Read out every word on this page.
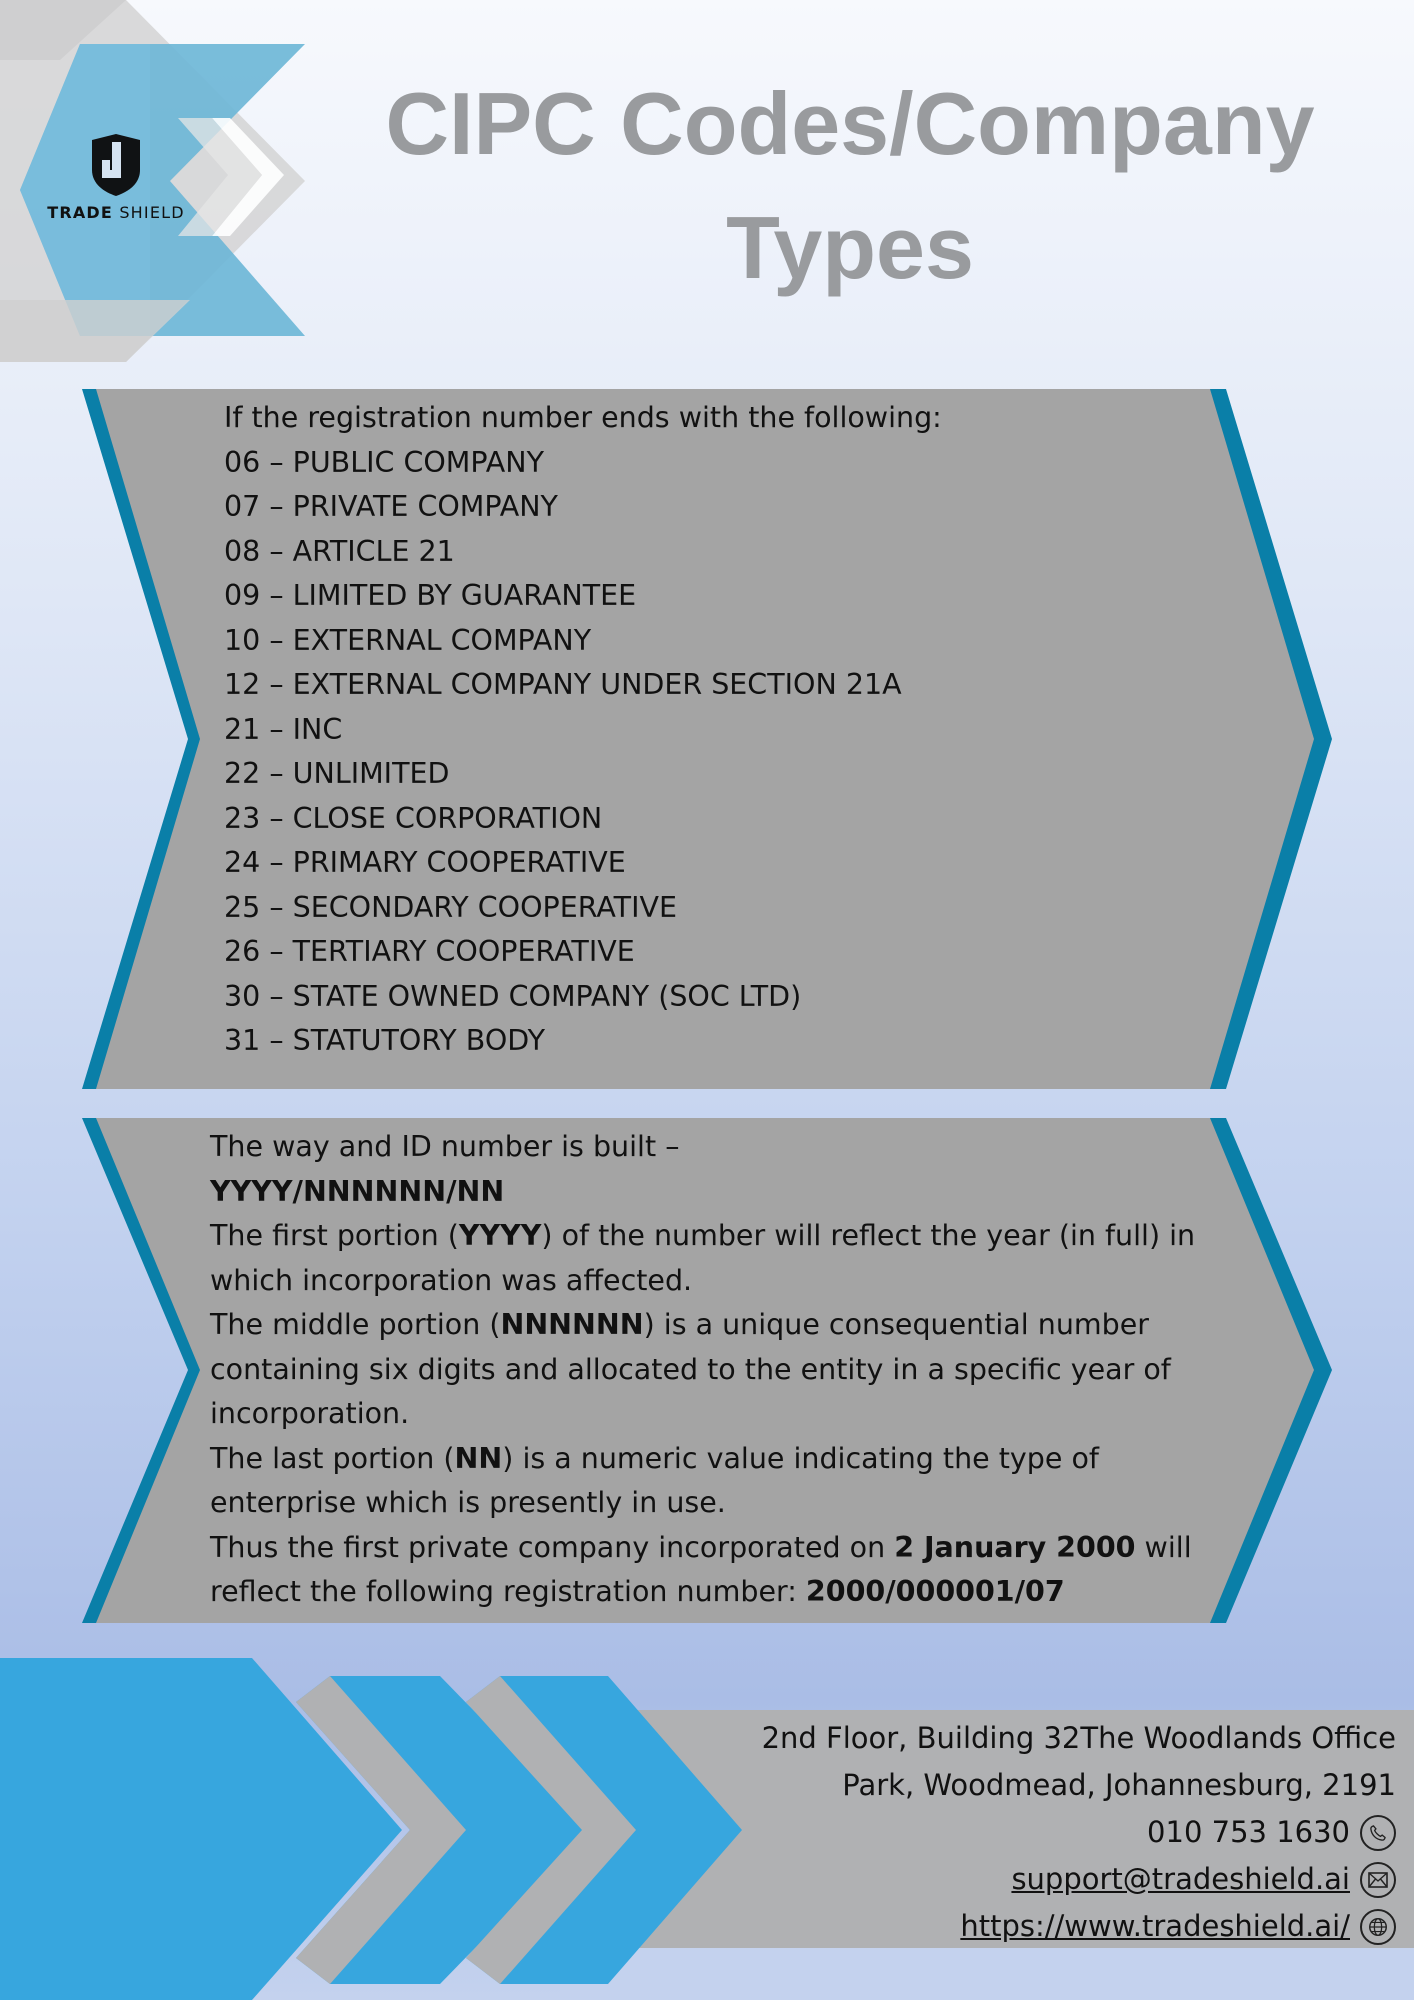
TRADE SHIELD
CIPC Codes/Company
Types
If the registration number ends with the following:
06 – PUBLIC COMPANY
07 – PRIVATE COMPANY
08 – ARTICLE 21
09 – LIMITED BY GUARANTEE
10 – EXTERNAL COMPANY
12 – EXTERNAL COMPANY UNDER SECTION 21A
21 – INC
22 – UNLIMITED
23 – CLOSE CORPORATION
24 – PRIMARY COOPERATIVE
25 – SECONDARY COOPERATIVE
26 – TERTIARY COOPERATIVE
30 – STATE OWNED COMPANY (SOC LTD)
31 – STATUTORY BODY

The way and ID number is built –

YYYY/NNNNNN/NN

The first portion (YYYY) of the number will reflect the year (in full) in which incorporation was affected.

The middle portion (NNNNNN) is a unique consequential number containing six digits and allocated to the entity in a specific year of incorporation.

The last portion (NN) is a numeric value indicating the type of enterprise which is presently in use.

Thus the first private company incorporated on 2 January 2000 will reflect the following registration number: 2000/000001/07

2nd Floor, Building 32The Woodlands Office
Park, Woodmead, Johannesburg, 2191
010 753 1630
support@tradeshield.ai
https://www.tradeshield.ai/
